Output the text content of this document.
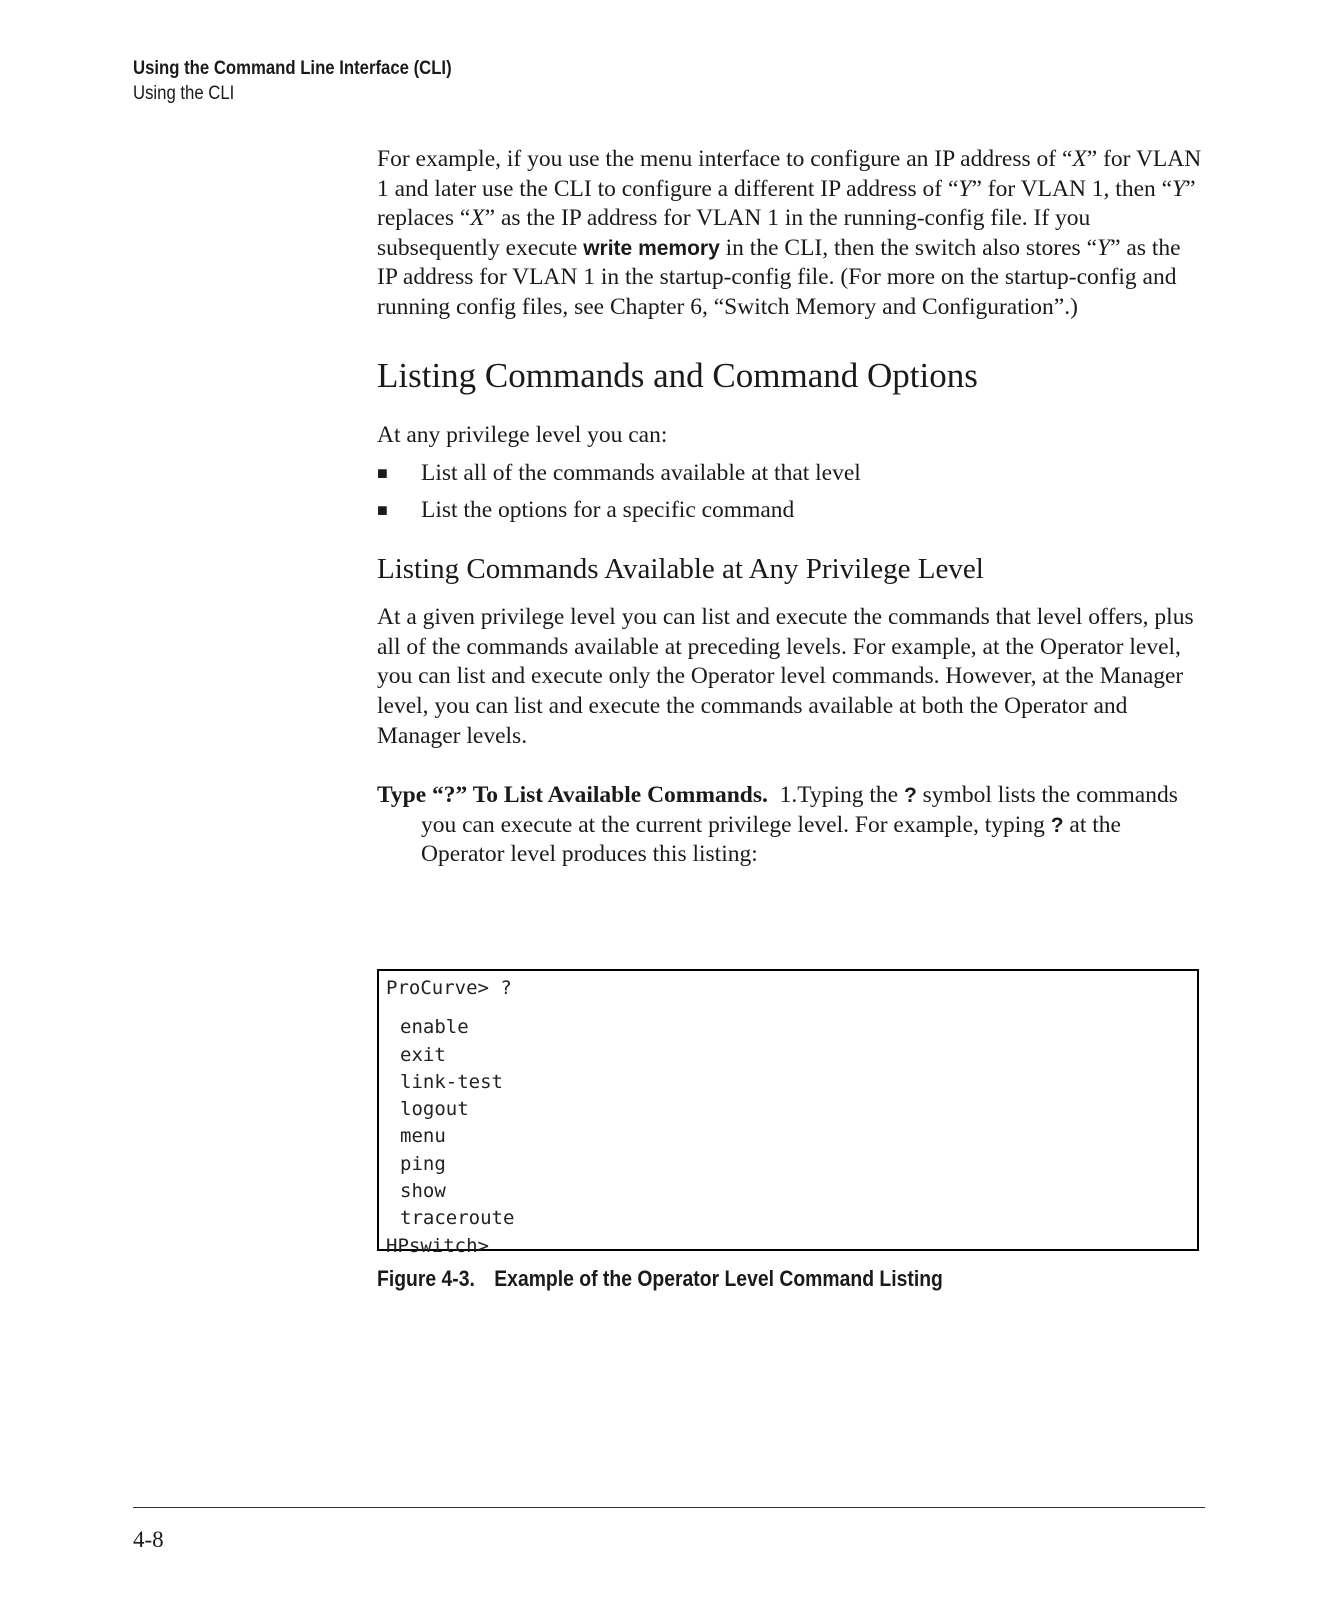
Using the Command Line Interface (CLI)
Using the CLI

For example, if you use the menu interface to configure an IP address of “X” for VLAN 1 and later use the CLI to configure a different IP address of “Y” for VLAN 1, then “Y” replaces “X” as the IP address for VLAN 1 in the running-config file. If you subsequently execute write memory in the CLI, then the switch also stores “Y” as the IP address for VLAN 1 in the startup-config file. (For more on the startup-config and running config files, see Chapter 6, “Switch Memory and Configuration”.)

Listing Commands and Command Options

At any privilege level you can:

■ List all of the commands available at that level
■ List the options for a specific command
Listing Commands Available at Any Privilege Level

At a given privilege level you can list and execute the commands that level offers, plus all of the commands available at preceding levels. For example, at the Operator level, you can list and execute only the Operator level commands. However, at the Manager level, you can list and execute the commands available at both the Operator and Manager levels.

Type “?” To List Available Commands. 1.Typing the ? symbol lists the commands you can execute at the current privilege level. For example, typing ? at the Operator level produces this listing:

ProCurve> ?
enable
exit
link-test
logout
menu
ping
show
traceroute
HPswitch>
Figure 4-3. Example of the Operator Level Command Listing
4-8
